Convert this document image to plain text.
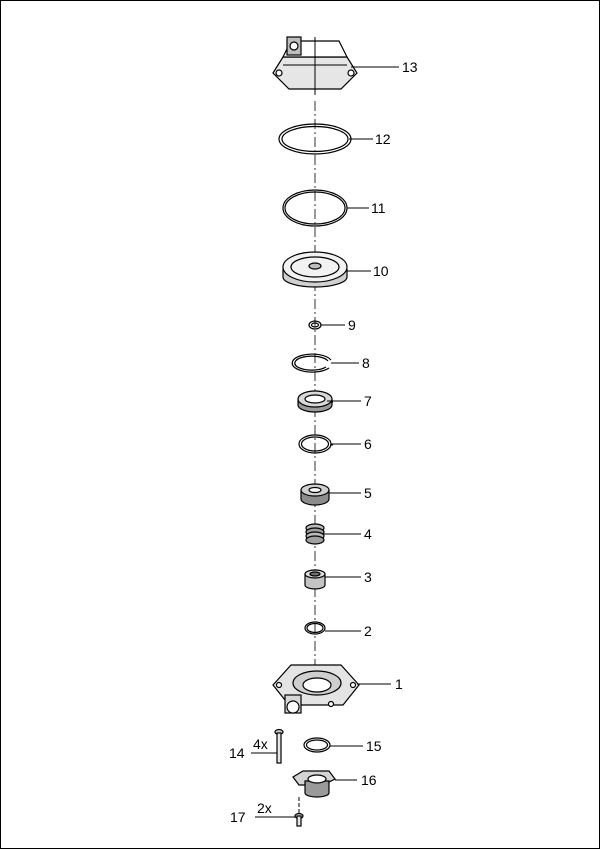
13
12
11
10
9
8
7
6
5
4
3
2
1
15
16
4x
14
2x
17
